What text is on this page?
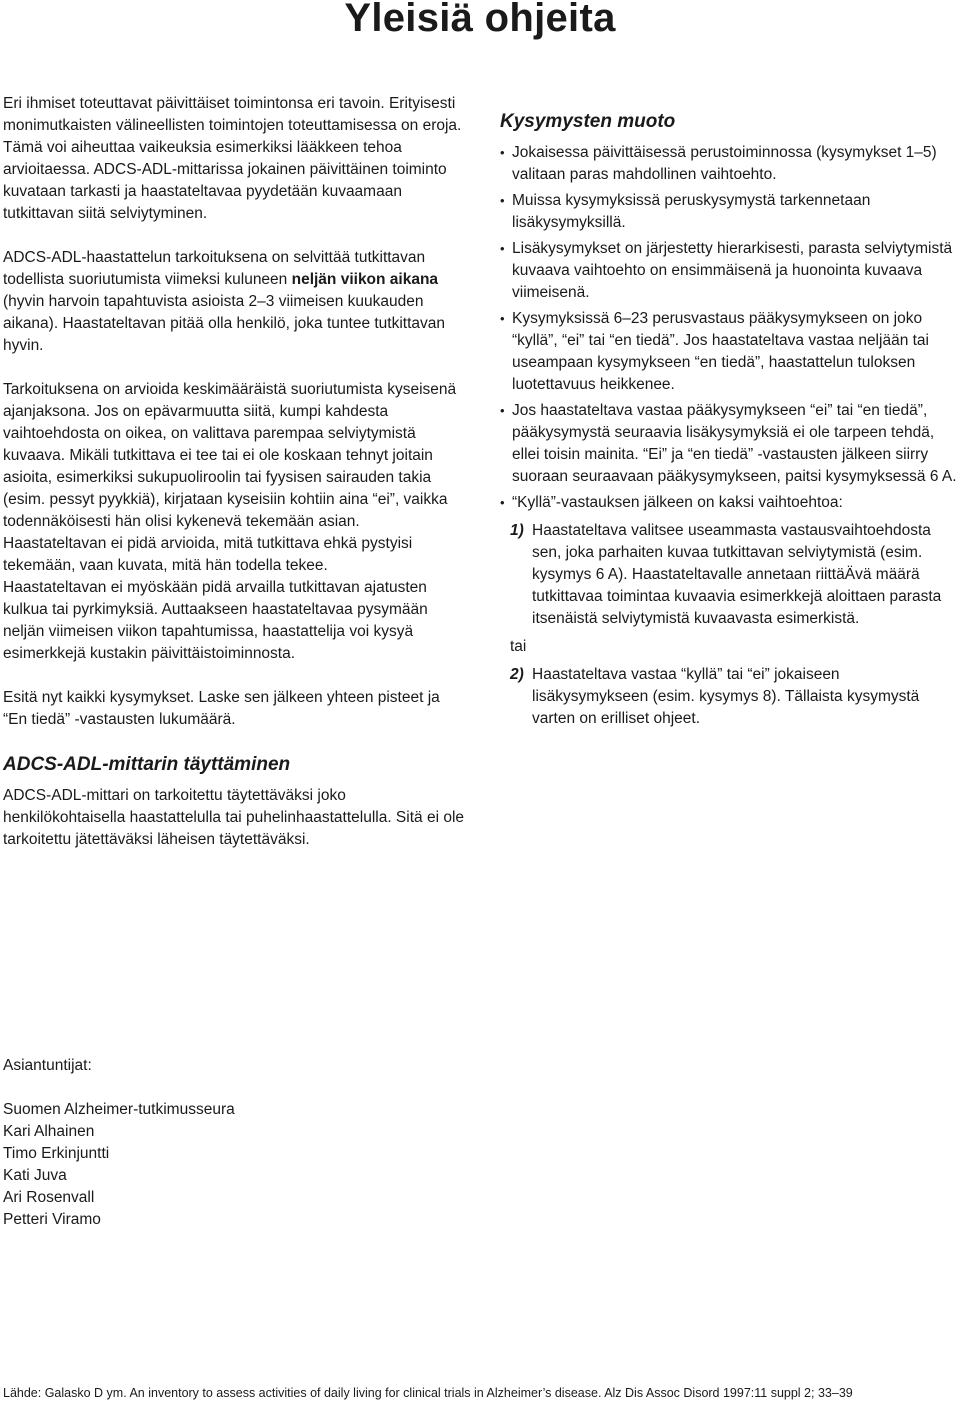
Yleisiä ohjeita

Eri ihmiset toteuttavat päivittäiset toimintonsa eri tavoin. Erityisesti monimutkaisten välineellisten toimintojen toteuttamisessa on eroja. Tämä voi aiheuttaa vaikeuksia esimerkiksi lääkkeen tehoa arvioitaessa. ADCS-ADL-mittarissa jokainen päivittäinen toiminto kuvataan tarkasti ja haastateltavaa pyydetään kuvaamaan tutkittavan siitä selviytyminen.

ADCS-ADL-haastattelun tarkoituksena on selvittää tutkittavan todellista suoriutumista viimeksi kuluneen neljän viikon aikana (hyvin harvoin tapahtuvista asioista 2–3 viimeisen kuukauden aikana). Haastateltavan pitää olla henkilö, joka tuntee tutkittavan hyvin.

Tarkoituksena on arvioida keskimääräistä suoriutumista kyseisenä ajanjaksona. Jos on epävarmuutta siitä, kumpi kahdesta vaihtoehdosta on oikea, on valittava parempaa selviytymistä kuvaava. Mikäli tutkittava ei tee tai ei ole koskaan tehnyt joitain asioita, esimerkiksi sukupuoliroolin tai fyysisen sairauden takia (esim. pessyt pyykkiä), kirjataan kyseisiin kohtiin aina “ei”, vaikka todennäköisesti hän olisi kykenevä tekemään asian. Haastateltavan ei pidä arvioida, mitä tutkittava ehkä pystyisi tekemään, vaan kuvata, mitä hän todella tekee.

Haastateltavan ei myöskään pidä arvailla tutkittavan ajatusten kulkua tai pyrkimyksiä. Auttaakseen haastateltavaa pysymään neljän viimeisen viikon tapahtumissa, haastattelija voi kysyä esimerkkejä kustakin päivittäistoiminnosta.

Esitä nyt kaikki kysymykset. Laske sen jälkeen yhteen pisteet ja “En tiedä” -vastausten lukumäärä.

ADCS-ADL-mittarin täyttäminen

ADCS-ADL-mittari on tarkoitettu täytettäväksi joko henkilökohtaisella haastattelulla tai puhelinhaastattelulla. Sitä ei ole tarkoitettu jätettäväksi läheisen täytettäväksi.

Kysymysten muoto
• Jokaisessa päivittäisessä perustoiminnossa (kysymykset 1–5) valitaan paras mahdollinen vaihtoehto.
• Muissa kysymyksissä peruskysymystä tarkennetaan lisäkysymyksillä.
• Lisäkysymykset on järjestetty hierarkisesti, parasta selviytymistä kuvaava vaihtoehto on ensimmäisenä ja huonointa kuvaava viimeisenä.
• Kysymyksissä 6–23 perusvastaus pääkysymykseen on joko “kyllä”, “ei” tai “en tiedä”. Jos haastateltava vastaa neljään tai useampaan kysymykseen “en tiedä”, haastattelun tuloksen luotettavuus heikkenee.
• Jos haastateltava vastaa pääkysymykseen “ei” tai “en tiedä”, pääkysymystä seuraavia lisäkysymyksiä ei ole tarpeen tehdä, ellei toisin mainita. “Ei” ja “en tiedä” -vastausten jälkeen siirry suoraan seuraavaan pääkysymykseen, paitsi kysymyksessä 6 A.
• “Kyllä”-vastauksen jälkeen on kaksi vaihtoehtoa:
1) Haastateltava valitsee useammasta vastausvaihtoehdosta sen, joka parhaiten kuvaa tutkittavan selviytymistä (esim. kysymys 6 A). Haastateltavalle annetaan riittäÄvä määrä tutkittavaa toimintaa kuvaavia esimerkkejä aloittaen parasta itsenäistä selviytymistä kuvaavasta esimerkistä.
tai
2) Haastateltava vastaa “kyllä” tai “ei” jokaiseen lisäkysymykseen (esim. kysymys 8). Tällaista kysymystä varten on erilliset ohjeet.

Asiantuntijat:

Suomen Alzheimer-tutkimusseura
Kari Alhainen
Timo Erkinjuntti
Kati Juva
Ari Rosenvall
Petteri Viramo
Lähde: Galasko D ym. An inventory to assess activities of daily living for clinical trials in Alzheimer’s disease. Alz Dis Assoc Disord 1997:11 suppl 2; 33–39
